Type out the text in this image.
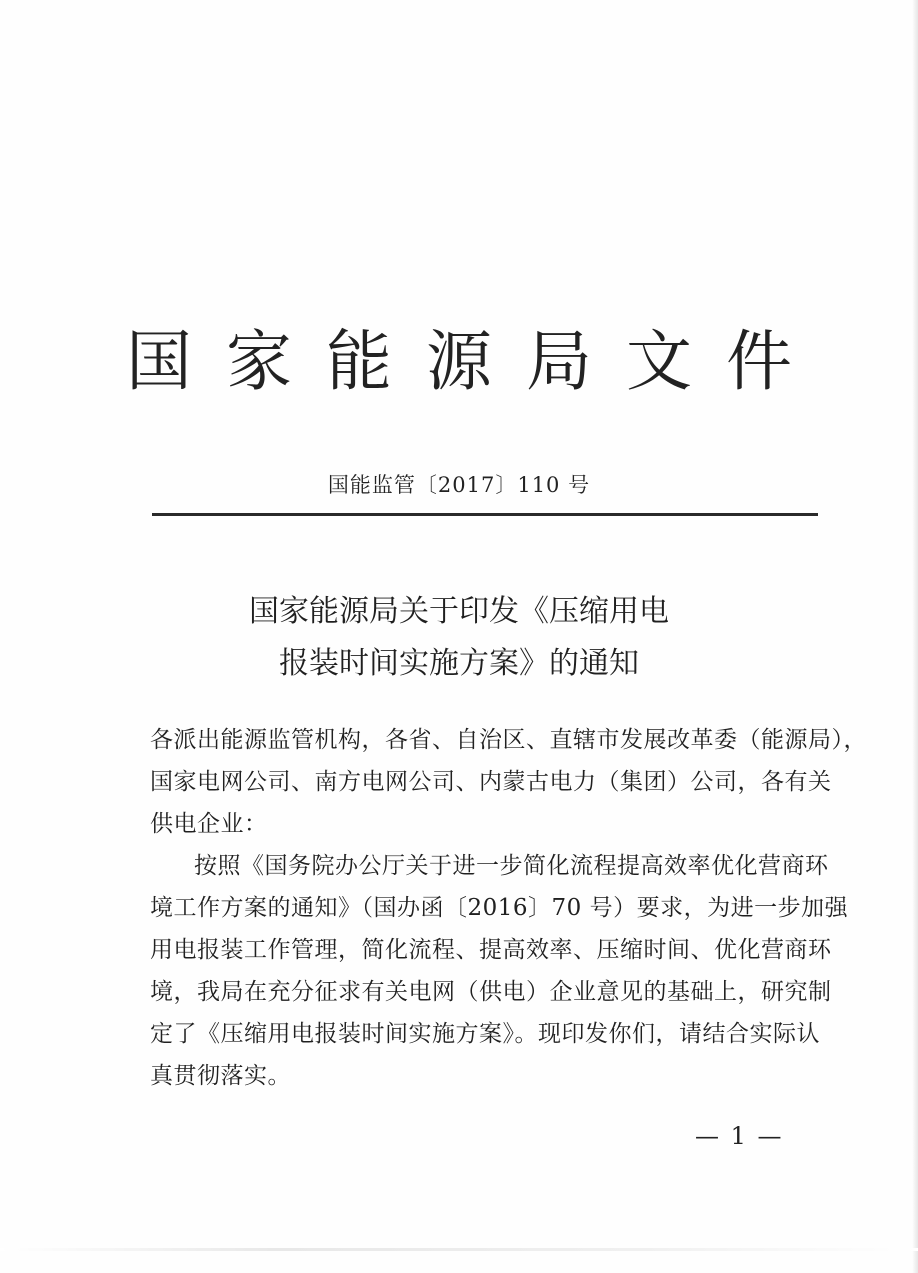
国家能源局文件
国能监管〔2017〕110 号
国家能源局关于印发《压缩用电
报装时间实施方案》的通知

各派出能源监管机构，各省、自治区、直辖市发展改革委（能源局），
国家电网公司、南方电网公司、内蒙古电力（集团）公司，各有关
供电企业：

按照《国务院办公厅关于进一步简化流程提高效率优化营商环
境工作方案的通知》（国办函〔2016〕70 号）要求，为进一步加强
用电报装工作管理，简化流程、提高效率、压缩时间、优化营商环
境，我局在充分征求有关电网（供电）企业意见的基础上，研究制
定了《压缩用电报装时间实施方案》。现印发你们，请结合实际认
真贯彻落实。

— 1 —
